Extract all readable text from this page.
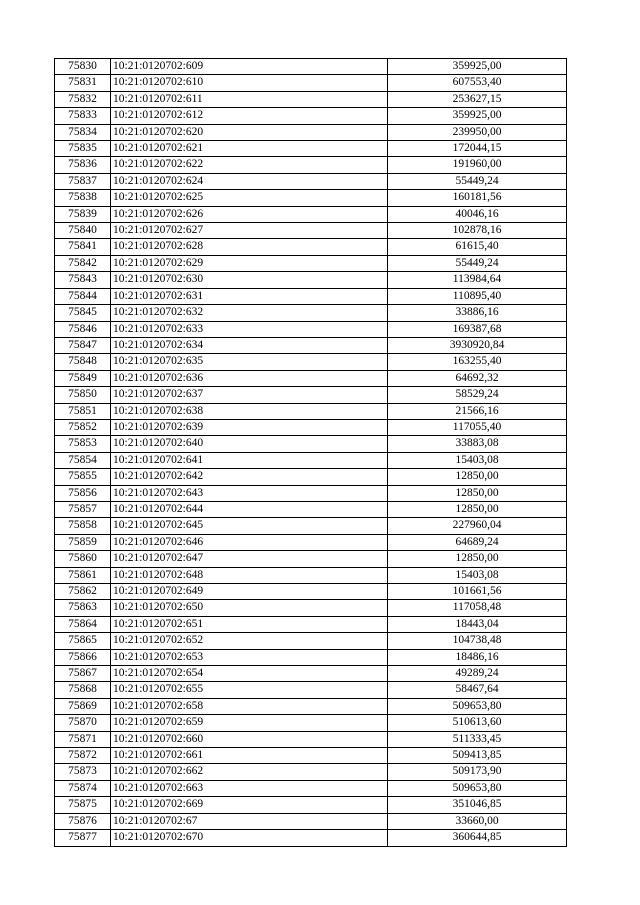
75830	10:21:0120702:609	359925,00
75831	10:21:0120702:610	607553,40
75832	10:21:0120702:611	253627,15
75833	10:21:0120702:612	359925,00
75834	10:21:0120702:620	239950,00
75835	10:21:0120702:621	172044,15
75836	10:21:0120702:622	191960,00
75837	10:21:0120702:624	55449,24
75838	10:21:0120702:625	160181,56
75839	10:21:0120702:626	40046,16
75840	10:21:0120702:627	102878,16
75841	10:21:0120702:628	61615,40
75842	10:21:0120702:629	55449,24
75843	10:21:0120702:630	113984,64
75844	10:21:0120702:631	110895,40
75845	10:21:0120702:632	33886,16
75846	10:21:0120702:633	169387,68
75847	10:21:0120702:634	3930920,84
75848	10:21:0120702:635	163255,40
75849	10:21:0120702:636	64692,32
75850	10:21:0120702:637	58529,24
75851	10:21:0120702:638	21566,16
75852	10:21:0120702:639	117055,40
75853	10:21:0120702:640	33883,08
75854	10:21:0120702:641	15403,08
75855	10:21:0120702:642	12850,00
75856	10:21:0120702:643	12850,00
75857	10:21:0120702:644	12850,00
75858	10:21:0120702:645	227960,04
75859	10:21:0120702:646	64689,24
75860	10:21:0120702:647	12850,00
75861	10:21:0120702:648	15403,08
75862	10:21:0120702:649	101661,56
75863	10:21:0120702:650	117058,48
75864	10:21:0120702:651	18443,04
75865	10:21:0120702:652	104738,48
75866	10:21:0120702:653	18486,16
75867	10:21:0120702:654	49289,24
75868	10:21:0120702:655	58467,64
75869	10:21:0120702:658	509653,80
75870	10:21:0120702:659	510613,60
75871	10:21:0120702:660	511333,45
75872	10:21:0120702:661	509413,85
75873	10:21:0120702:662	509173,90
75874	10:21:0120702:663	509653,80
75875	10:21:0120702:669	351046,85
75876	10:21:0120702:67	33660,00
75877	10:21:0120702:670	360644,85
